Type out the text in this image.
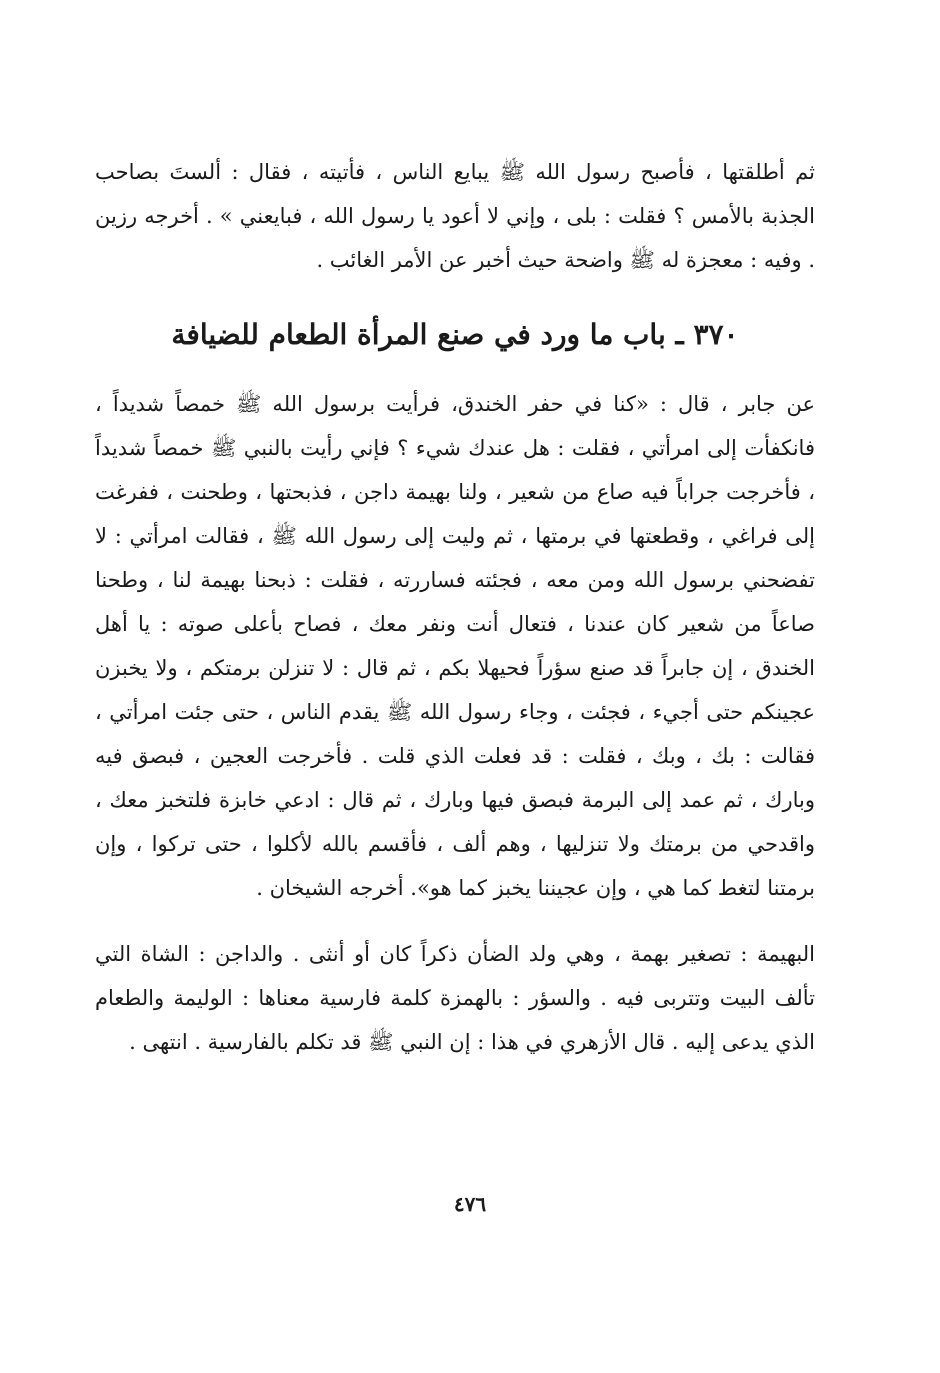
ثم أطلقتها ، فأصبح رسول الله ﷺ يبايع الناس ، فأتيته ، فقال : ألستَ بصاحب الجذبة بالأمس ؟ فقلت : بلى ، وإني لا أعود يا رسول الله ، فبايعني » . أخرجه رزين . وفيه : معجزة له ﷺ واضحة حيث أخبر عن الأمر الغائب .

٣٧٠ ـ باب ما ورد في صنع المرأة الطعام للضيافة

عن جابر ، قال : «كنا في حفر الخندق، فرأيت برسول الله ﷺ خمصاً شديداً ، فانكفأت إلى امرأتي ، فقلت : هل عندك شيء ؟ فإني رأيت بالنبي ﷺ خمصاً شديداً ، فأخرجت جراباً فيه صاع من شعير ، ولنا بهيمة داجن ، فذبحتها ، وطحنت ، ففرغت إلى فراغي ، وقطعتها في برمتها ، ثم وليت إلى رسول الله ﷺ ، فقالت امرأتي : لا تفضحني برسول الله ومن معه ، فجئته فساررته ، فقلت : ذبحنا بهيمة لنا ، وطحنا صاعاً من شعير كان عندنا ، فتعال أنت ونفر معك ، فصاح بأعلى صوته : يا أهل الخندق ، إن جابراً قد صنع سؤراً فحيهلا بكم ، ثم قال : لا تنزلن برمتكم ، ولا يخبزن عجينكم حتى أجيء ، فجئت ، وجاء رسول الله ﷺ يقدم الناس ، حتى جئت امرأتي ، فقالت : بك ، وبك ، فقلت : قد فعلت الذي قلت . فأخرجت العجين ، فبصق فيه وبارك ، ثم عمد إلى البرمة فبصق فيها وبارك ، ثم قال : ادعي خابزة فلتخبز معك ، واقدحي من برمتك ولا تنزليها ، وهم ألف ، فأقسم بالله لأكلوا ، حتى تركوا ، وإن برمتنا لتغط كما هي ، وإن عجيننا يخبز كما هو». أخرجه الشيخان .

البهيمة : تصغير بهمة ، وهي ولد الضأن ذكراً كان أو أنثى . والداجن : الشاة التي تألف البيت وتتربى فيه . والسؤر : بالهمزة كلمة فارسية معناها : الوليمة والطعام الذي يدعى إليه . قال الأزهري في هذا : إن النبي ﷺ قد تكلم بالفارسية . انتهى .

٤٧٦
